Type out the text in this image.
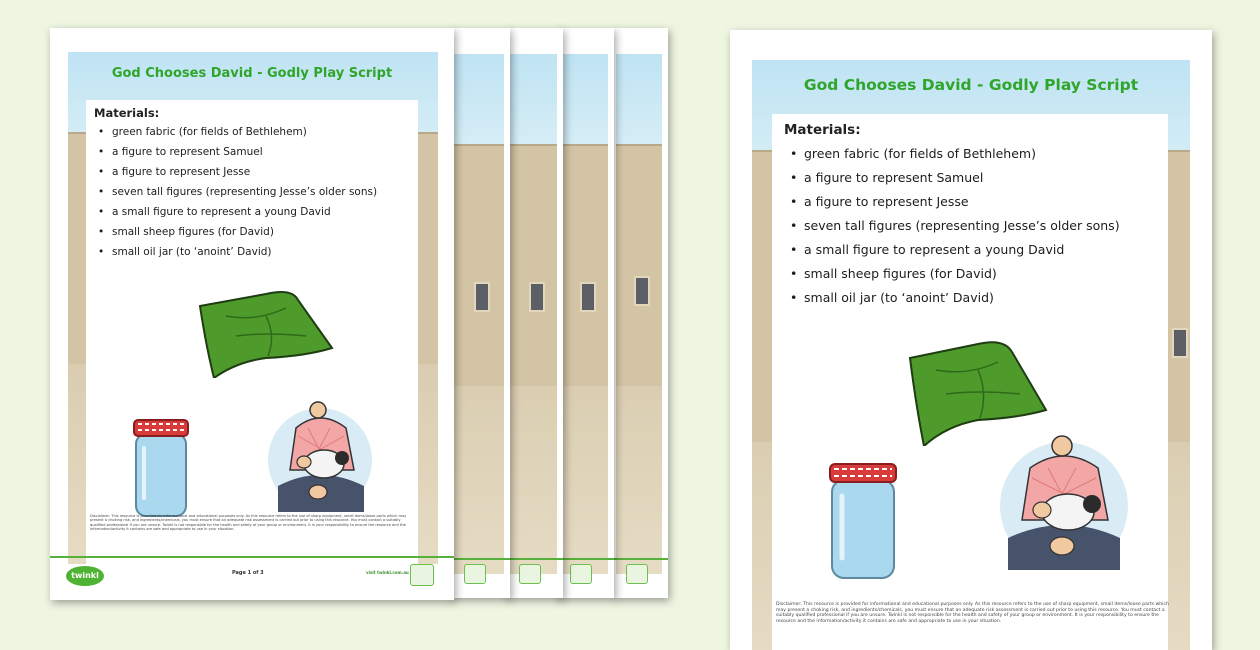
God Chooses David - Godly Play Script
Materials:
• green fabric (for fields of Bethlehem)
• a figure to represent Samuel
• a figure to represent Jesse
• seven tall figures (representing Jesse’s older sons)
• a small figure to represent a young David
• small sheep figures (for David)
• small oil jar (to ‘anoint’ David)
Disclaimer: This resource is provided for informational and educational purposes only. As this resource refers to the use of sharp equipment, small items/loose parts which may present a choking risk, and ingredients/chemicals, you must ensure that an adequate risk assessment is carried out prior to using this resource. You must contact a suitably qualified professional if you are unsure. Twinkl is not responsible for the health and safety of your group or environment. It is your responsibility to ensure the resource and the information/activity it contains are safe and appropriate to use in your situation.
twinkl	Page 1 of 3	visit twinkl.com.au
God Chooses David - Godly Play Script
Materials:
• green fabric (for fields of Bethlehem)
• a figure to represent Samuel
• a figure to represent Jesse
• seven tall figures (representing Jesse’s older sons)
• a small figure to represent a young David
• small sheep figures (for David)
• small oil jar (to ‘anoint’ David)
Disclaimer: This resource is provided for informational and educational purposes only. As this resource refers to the use of sharp equipment, small items/loose parts which may present a choking risk, and ingredients/chemicals, you must ensure that an adequate risk assessment is carried out prior to using this resource. You must contact a suitably qualified professional if you are unsure. Twinkl is not responsible for the health and safety of your group or environment. It is your responsibility to ensure the resource and the information/activity it contains are safe and appropriate to use in your situation.
